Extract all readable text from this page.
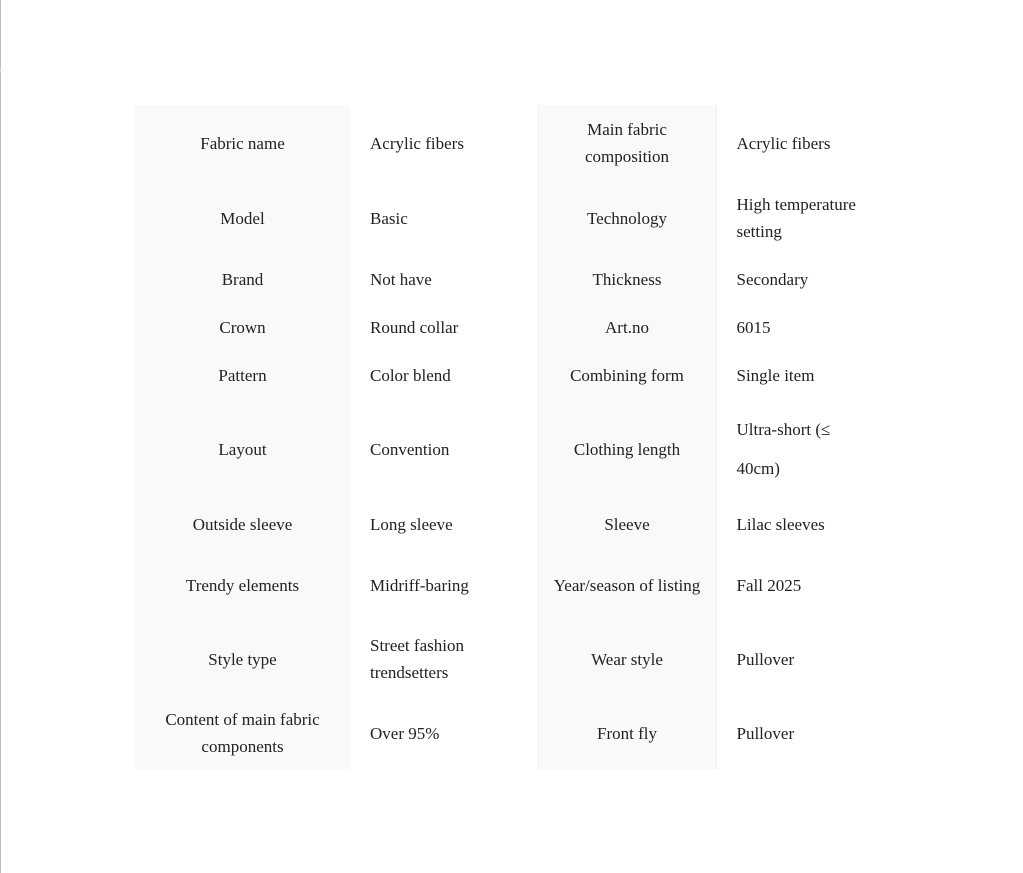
Fabric name	Acrylic fibers	Main fabric composition	Acrylic fibers
Model	Basic	Technology	High temperature setting
Brand	Not have	Thickness	Secondary
Crown	Round collar	Art.no	6015
Pattern	Color blend	Combining form	Single item
Layout	Convention	Clothing length	Ultra-short (≤ 40cm)
Outside sleeve	Long sleeve	Sleeve	Lilac sleeves
Trendy elements	Midriff-baring	Year/season of listing	Fall 2025
Style type	Street fashion trendsetters	Wear style	Pullover
Content of main fabric components	Over 95%	Front fly	Pullover
